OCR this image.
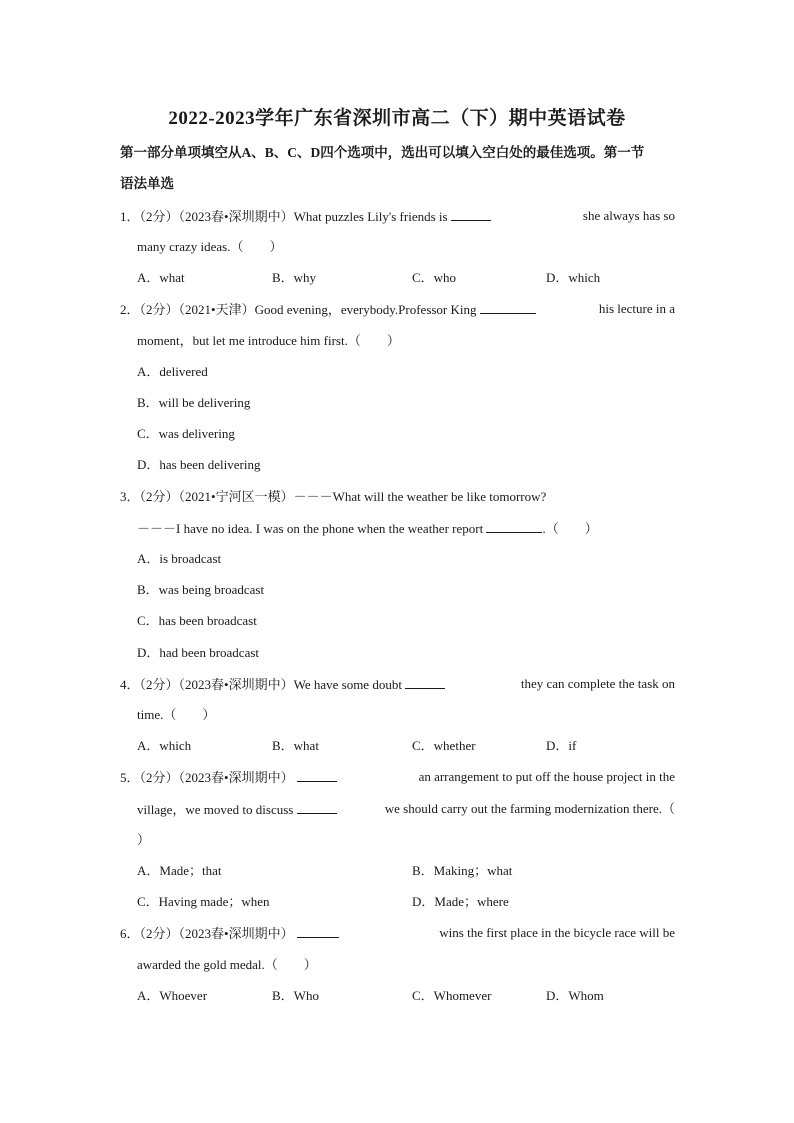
2022-2023学年广东省深圳市高二（下）期中英语试卷
第一部分单项填空从A、B、C、D四个选项中，选出可以填入空白处的最佳选项。第一节
语法单选
1．（2分）（2023春•深圳期中）What puzzles Lily's friends is	she always has so
many crazy ideas.（　　）
A．what	B．why	C．who	D．which
2．（2分）（2021•天津）Good evening，everybody.Professor King	his lecture in a
moment，but let me introduce him first.（　　）
A．delivered
B．will be delivering
C．was delivering
D．has been delivering
3．（2分）（2021•宁河区一模）－－－What will the weather be like tomorrow?
－－－I have no idea. I was on the phone when the weather report	.（　　）
A．is broadcast
B．was being broadcast
C．has been broadcast
D．had been broadcast
4．（2分）（2023春•深圳期中）We have some doubt	they can complete the task on
time.（　　）
A．which	B．what	C．whether	D．if
5．（2分）（2023春•深圳期中）	an arrangement to put off the house project in the
village，we moved to discuss	we should carry out the farming modernization there.（
）
A．Made；that	B．Making；what
C．Having made；when	D．Made；where
6．（2分）（2023春•深圳期中）	wins the first place in the bicycle race will be
awarded the gold medal.（　　）
A．Whoever	B．Who	C．Whomever	D．Whom
